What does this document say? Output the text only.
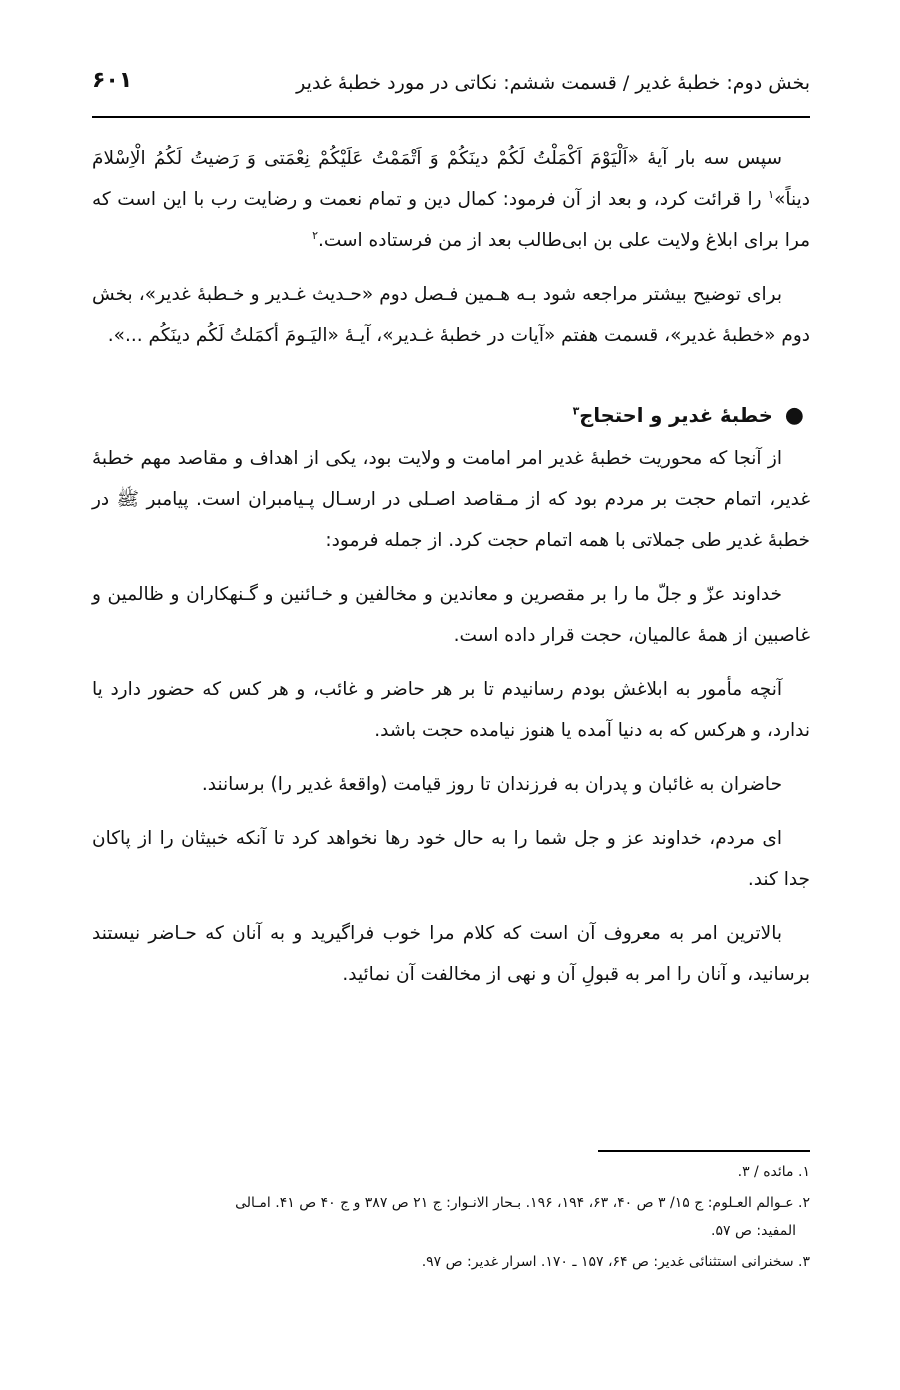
بخش دوم: خطبهٔ غدیر / قسمت ششم: نکاتی در مورد خطبهٔ غدیر
۶۰۱

سپس سه بار آیهٔ «اَلْیَوْمَ اَکْمَلْتُ لَکُمْ دینَکُمْ وَ اَتْمَمْتُ عَلَیْکُمْ نِعْمَتی وَ رَضیتُ لَکُمُ الْاِسْلامَ دیناً»$^۱$ را قرائت کرد، و بعد از آن فرمود: کمال دین و تمام نعمت و رضایت رب با این است که مرا برای ابلاغ ولایت علی بن ابی‌طالب بعد از من فرستاده است.$^۲$

برای توضیح بیشتر مراجعه شود بـه هـمین فـصل دوم «حـدیث غـدیر و خـطبهٔ غدیر»، بخش دوم «خطبهٔ غدیر»، قسمت هفتم «آیات در خطبهٔ غـدیر»، آیـهٔ «الیَـومَ أکمَلتُ لَکُم دینَکُم ...».

●
خطبهٔ غدیر و احتجاج$^۳$

از آنجا که محوریت خطبهٔ غدیر امر امامت و ولایت بود، یکی از اهداف و مقاصد مهم خطبهٔ غدیر، اتمام حجت بر مردم بود که از مـقاصد اصـلی در ارسـال پـیامبران است. پیامبر ﷺ در خطبهٔ غدیر طی جملاتی با همه اتمام حجت کرد. از جمله فرمود:

خداوند عزّ و جلّ ما را بر مقصرین و معاندین و مخالفین و خـائنین و گـنهکاران و ظالمین و غاصبین از همهٔ عالمیان، حجت قرار داده است.

آنچه مأمور به ابلاغش بودم رسانیدم تا بر هر حاضر و غائب، و هر کس که حضور دارد یا ندارد، و هرکس که به دنیا آمده یا هنوز نیامده حجت باشد.

حاضران به غائبان و پدران به فرزندان تا روز قیامت (واقعهٔ غدیر را) برسانند.

ای مردم، خداوند عز و جل شما را به حال خود رها نخواهد کرد تا آنکه خبیثان را از پاکان جدا کند.

بالاترین امر به معروف آن است که کلام مرا خوب فراگیرید و به آنان که حـاضر نیستند برسانید، و آنان را امر به قبولِ آن و نهی از مخالفت آن نمائید.

۱. مائده / ۳.

۲. عـوالم العـلوم: ج ۱۵/ ۳ ص ۴۰، ۶۳، ۱۹۴، ۱۹۶. بـحار الانـوار: ج ۲۱ ص ۳۸۷ و ج ۴۰ ص ۴۱. امـالی
المفید: ص ۵۷.

۳. سخنرانی استثنائی غدیر: ص ۶۴، ۱۵۷ ـ ۱۷۰. اسرار غدیر: ص ۹۷.
